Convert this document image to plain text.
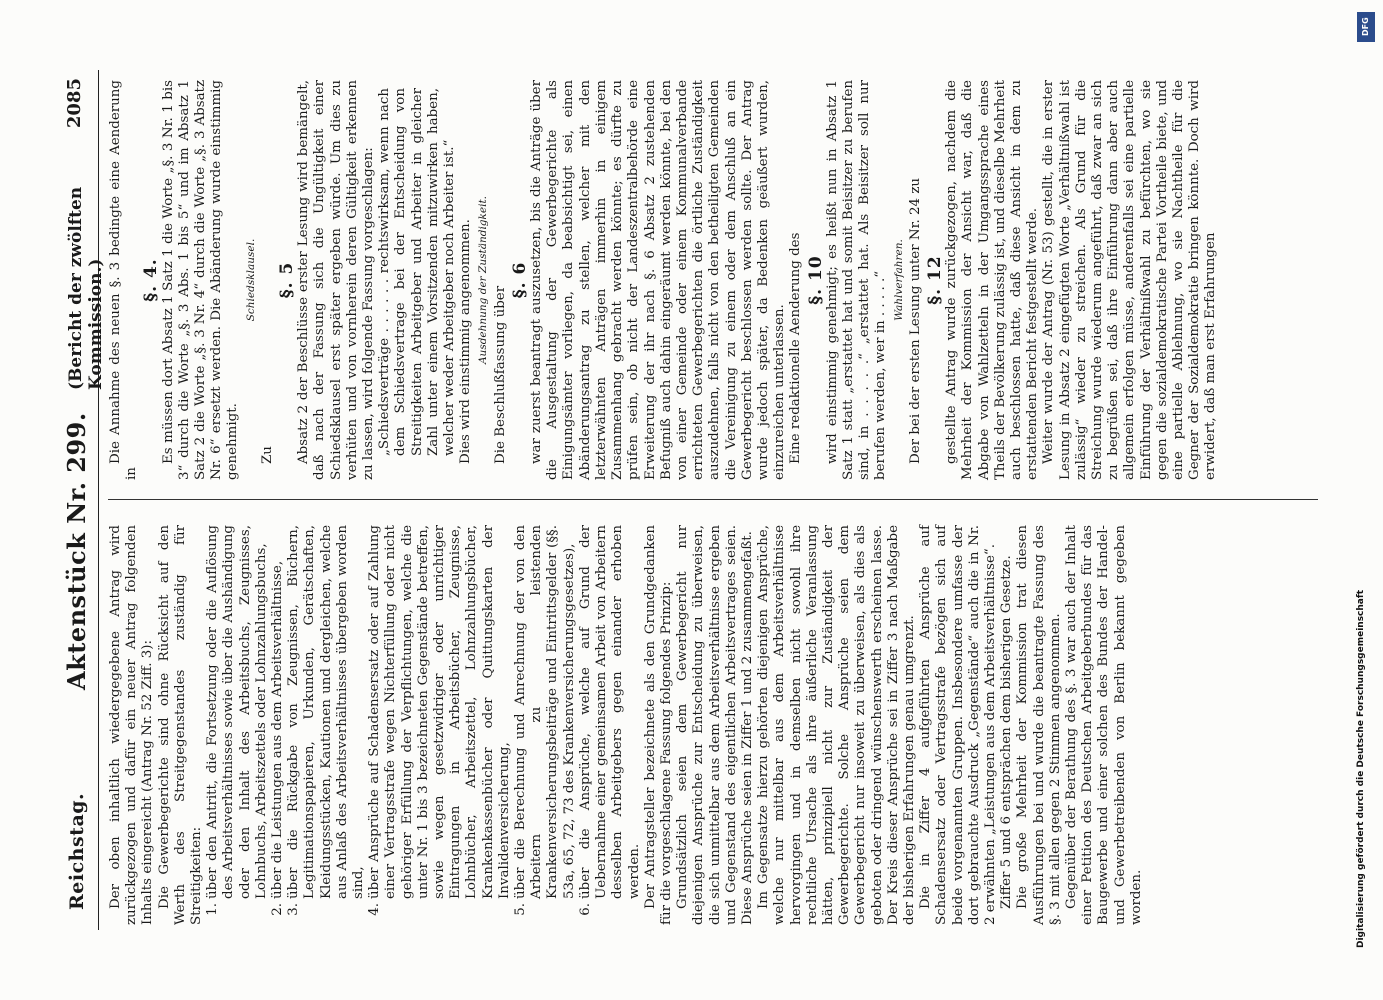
Reichstag.
Aktenstück Nr. 299.
(Bericht der zwölften Kommission.)
2085

Der oben inhaltlich wiedergegebene Antrag wird zurückgezogen und dafür ein neuer Antrag folgenden Inhalts eingereicht (Antrag Nr. 52 Ziff. 3): Die Gewerbegerichte sind ohne Rücksicht auf den Werth des Streitgegenstandes zuständig für Streitigkeiten: 1.
über den Antritt, die Fortsetzung oder die Auflösung des Arbeitsverhältnisses sowie über die Aushändigung oder den Inhalt des Arbeitsbuchs, Zeugnisses, Lohnbuchs, Arbeitszettels oder Lohnzahlungsbuchs,
2.
über die Leistungen aus dem Arbeitsverhältnisse,
3.
über die Rückgabe von Zeugnissen, Büchern, Legitimationspapieren, Urkunden, Gerätschaften, Kleidungsstücken, Kautionen und dergleichen, welche aus Anlaß des Arbeitsverhältnisses übergeben worden sind,
4.
über Ansprüche auf Schadensersatz oder auf Zahlung einer Vertragsstrafe wegen Nichterfüllung oder nicht gehöriger Erfüllung der Verpflichtungen, welche die unter Nr. 1 bis 3 bezeichneten Gegenstände betreffen, sowie wegen gesetzwidriger oder unrichtiger Eintragungen in Arbeitsbücher, Zeugnisse, Lohnbücher, Arbeitszettel, Lohnzahlungsbücher, Krankenkassenbücher oder Quittungskarten der Invalidenversicherung,
5.
über die Berechnung und Anrechnung der von den Arbeitern zu leistenden Krankenversicherungsbeiträge und Eintrittsgelder (§§. 53a, 65, 72, 73 des Krankenversicherungsgesetzes),
6.
über die Ansprüche, welche auf Grund der Uebernahme einer gemeinsamen Arbeit von Arbeitern desselben Arbeitgebers gegen einander erhoben werden. Der Antragsteller bezeichnete als den Grundgedanken für die vorgeschlagene Fassung folgendes Prinzip: Grundsätzlich seien dem Gewerbegericht nur diejenigen Ansprüche zur Entscheidung zu überweisen, die sich unmittelbar aus dem Arbeitsverhältnisse ergeben und Gegenstand des eigentlichen Arbeitsvertrages seien. Diese Ansprüche seien in Ziffer 1 und 2 zusammengefaßt. Im Gegensatze hierzu gehörten diejenigen Ansprüche, welche nur mittelbar aus dem Arbeitsverhältnisse hervorgingen und in demselben nicht sowohl ihre rechtliche Ursache als ihre äußerliche Veranlassung hätten, prinzipiell nicht zur Zuständigkeit der Gewerbegerichte. Solche Ansprüche seien dem Gewerbegericht nur insoweit zu überweisen, als dies als geboten oder dringend wünschenswerth erscheinen lasse. Der Kreis dieser Ansprüche sei in Ziffer 3 nach Maßgabe der bisherigen Erfahrungen genau umgrenzt. Die in Ziffer 4 aufgeführten Ansprüche auf Schadensersatz oder Vertragsstrafe bezögen sich auf beide vorgenannten Gruppen. Insbesondere umfasse der dort gebrauchte Ausdruck „Gegenstände“ auch die in Nr. 2 erwähnten „Leistungen aus dem Arbeitsverhältnisse“. Ziffer 5 und 6 entsprächen dem bisherigen Gesetze. Die große Mehrheit der Kommission trat diesen Ausführungen bei und wurde die beantragte Fassung des §. 3 mit allen gegen 2 Stimmen angenommen. Gegenüber der Berathung des §. 3 war auch der Inhalt einer Petition des Deutschen Arbeitgeberbundes für das Baugewerbe und einer solchen des Bundes der Handel- und Gewerbetreibenden von Berlin bekannt gegeben worden.

Die Annahme des neuen §. 3 bedingte eine Aenderung in

§. 4. Es müssen dort Absatz 1 Satz 1 die Worte „§. 3 Nr. 1 bis 3“ durch die Worte „§. 3 Abs. 1 bis 5“ und im Absatz 1 Satz 2 die Worte „§. 3 Nr. 4“ durch die Worte „§. 3 Absatz Nr. 6“ ersetzt werden. Die Abänderung wurde einstimmig genehmigt.

Schiedsklausel.

Zu

§. 5 Absatz 2 der Beschlüsse erster Lesung wird bemängelt, daß nach der Fassung sich die Ungültigkeit einer Schiedsklausel erst später ergeben würde. Um dies zu verhüten und von vornherein deren Gültigkeit erkennen zu lassen, wird folgende Fassung vorgeschlagen: „Schiedsverträge . . . . . . rechtswirksam, wenn nach dem Schiedsvertrage bei der Entscheidung von Streitigkeiten Arbeitgeber und Arbeiter in gleicher Zahl unter einem Vorsitzenden mitzuwirken haben, welcher weder Arbeitgeber noch Arbeiter ist.“ Dies wird einstimmig angenommen. Ausdehnung der Zuständigkeit.

Die Beschlußfassung über

§. 6 war zuerst beantragt auszusetzen, bis die Anträge über die Ausgestaltung der Gewerbegerichte als Einigungsämter vorliegen, da beabsichtigt sei, einen Abänderungsantrag zu stellen, welcher mit den letzterwähnten Anträgen immerhin in einigem Zusammenhang gebracht werden könnte; es dürfte zu prüfen sein, ob nicht der Landeszentralbehörde eine Erweiterung der ihr nach §. 6 Absatz 2 zustehenden Befugniß auch dahin eingeräumt werden könnte, bei den von einer Gemeinde oder einem Kommunalverbande errichteten Gewerbegerichten die örtliche Zuständigkeit auszudehnen, falls nicht von den betheiligten Gemeinden die Vereinigung zu einem oder dem Anschluß an ein Gewerbegericht beschlossen werden sollte. Der Antrag wurde jedoch später, da Bedenken geäußert wurden, einzureichen unterlassen. Eine redaktionelle Aenderung des §. 10 wird einstimmig genehmigt; es heißt nun in Absatz 1 Satz 1 statt „erstattet hat und somit Beisitzer zu berufen sind, in . . . . .“ „erstattet hat. Als Beisitzer soll nur berufen werden, wer in . . . . .“ Wahlverfahren. Der bei der ersten Lesung unter Nr. 24 zu §. 12 gestellte Antrag wurde zurückgezogen, nachdem die Mehrheit der Kommission der Ansicht war, daß die Abgabe von Wahlzetteln in der Umgangssprache eines Theils der Bevölkerung zulässig ist, und dieselbe Mehrheit auch beschlossen hatte, daß diese Ansicht in dem zu erstattenden Bericht festgestellt werde. Weiter wurde der Antrag (Nr. 53) gestellt, die in erster Lesung in Absatz 2 eingefügten Worte „Verhältnißwahl ist zulässig“ wieder zu streichen. Als Grund für die Streichung wurde wiederum angeführt, daß zwar an sich zu begrüßen sei, daß ihre Einführung dann aber auch allgemein erfolgen müsse, anderenfalls sei eine partielle Einführung der Verhältnißwahl zu befürchten, wo sie gegen die sozialdemokratische Partei Vortheile biete, und eine partielle Ablehnung, wo sie Nachtheile für die Gegner der Sozialdemokratie bringen könnte. Doch wird erwidert, daß man erst Erfahrungen

DFG
Digitalisierung gefördert durch die Deutsche Forschungsgemeinschaft
